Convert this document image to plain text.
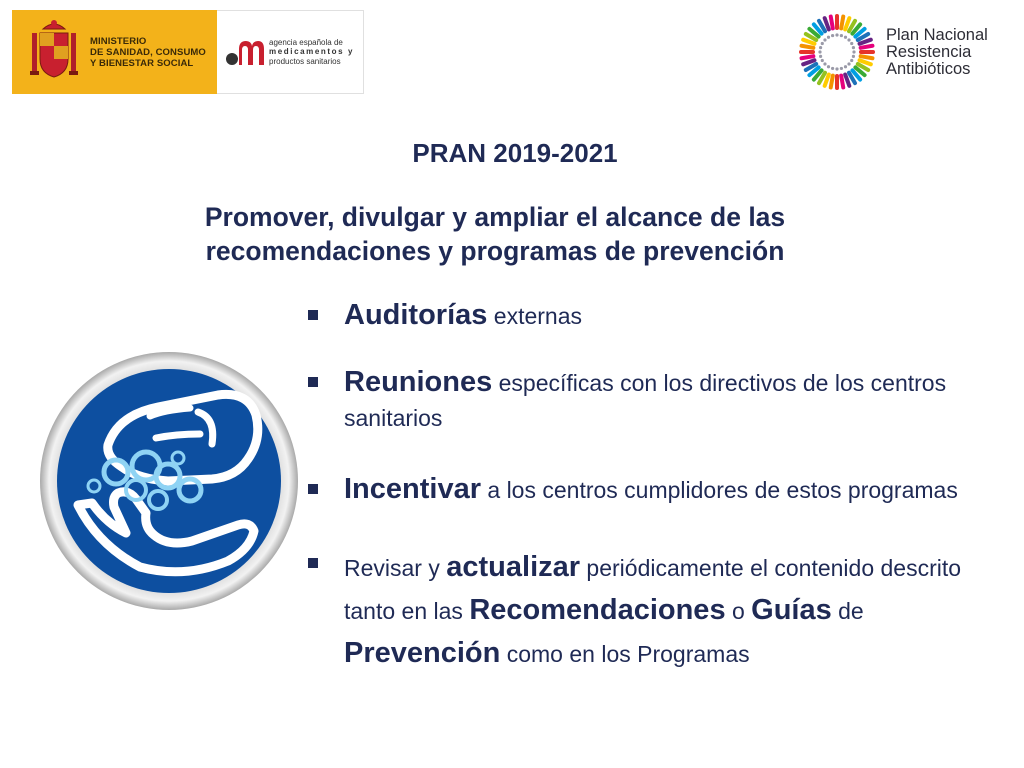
MINISTERIO
DE SANIDAD, CONSUMO
Y BIENESTAR SOCIAL
agencia española de
medicamentos y
productos sanitarios
Plan Nacional
Resistencia
Antibióticos
PRAN 2019-2021
Promover, divulgar y ampliar el alcance de las recomendaciones y programas de prevención
Auditorías externas
Reuniones específicas con los directivos de los centros sanitarios
Incentivar a los centros cumplidores de estos programas
Revisar y actualizar periódicamente el contenido descrito tanto en las Recomendaciones o Guías de Prevención como en los Programas
